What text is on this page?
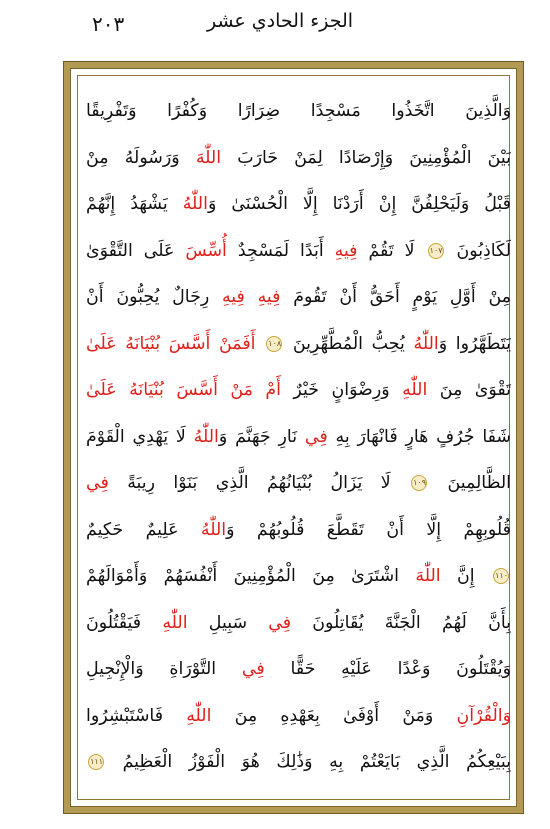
الجزء الحادي عشر
٢٠٣
وَالَّذِينَ اتَّخَذُوا مَسْجِدًا ضِرَارًا وَكُفْرًا وَتَفْرِيقًا
بَيْنَ الْمُؤْمِنِينَ وَإِرْصَادًا لِمَنْ حَارَبَ اللّٰهَ وَرَسُولَهُ مِنْ
قَبْلُ وَلَيَحْلِفُنَّ إِنْ أَرَدْنَا إِلَّا الْحُسْنَىٰ وَاللّٰهُ يَشْهَدُ إِنَّهُمْ
لَكَاذِبُونَ ١٠٧ لَا تَقُمْ فِيهِ أَبَدًا لَمَسْجِدٌ أُسِّسَ عَلَى التَّقْوَىٰ
مِنْ أَوَّلِ يَوْمٍ أَحَقُّ أَنْ تَقُومَ فِيهِ فِيهِ رِجَالٌ يُحِبُّونَ أَنْ
يَتَطَهَّرُوا وَاللّٰهُ يُحِبُّ الْمُطَّهِّرِينَ ١٠٨ أَفَمَنْ أَسَّسَ بُنْيَانَهُ عَلَىٰ
تَقْوَىٰ مِنَ اللّٰهِ وَرِضْوَانٍ خَيْرٌ أَمْ مَنْ أَسَّسَ بُنْيَانَهُ عَلَىٰ
شَفَا جُرُفٍ هَارٍ فَانْهَارَ بِهِ فِي نَارِ جَهَنَّمَ وَاللّٰهُ لَا يَهْدِي الْقَوْمَ
الظَّالِمِينَ ١٠٩ لَا يَزَالُ بُنْيَانُهُمُ الَّذِي بَنَوْا رِيبَةً فِي
قُلُوبِهِمْ إِلَّا أَنْ تَقَطَّعَ قُلُوبُهُمْ وَاللّٰهُ عَلِيمٌ حَكِيمٌ
١١٠ إِنَّ اللّٰهَ اشْتَرَىٰ مِنَ الْمُؤْمِنِينَ أَنْفُسَهُمْ وَأَمْوَالَهُمْ
بِأَنَّ لَهُمُ الْجَنَّةَ يُقَاتِلُونَ فِي سَبِيلِ اللّٰهِ فَيَقْتُلُونَ
وَيُقْتَلُونَ وَعْدًا عَلَيْهِ حَقًّا فِي التَّوْرَاةِ وَالْإِنْجِيلِ
وَالْقُرْآنِ وَمَنْ أَوْفَىٰ بِعَهْدِهِ مِنَ اللّٰهِ فَاسْتَبْشِرُوا
بِبَيْعِكُمُ الَّذِي بَايَعْتُمْ بِهِ وَذَٰلِكَ هُوَ الْفَوْزُ الْعَظِيمُ ١١١
